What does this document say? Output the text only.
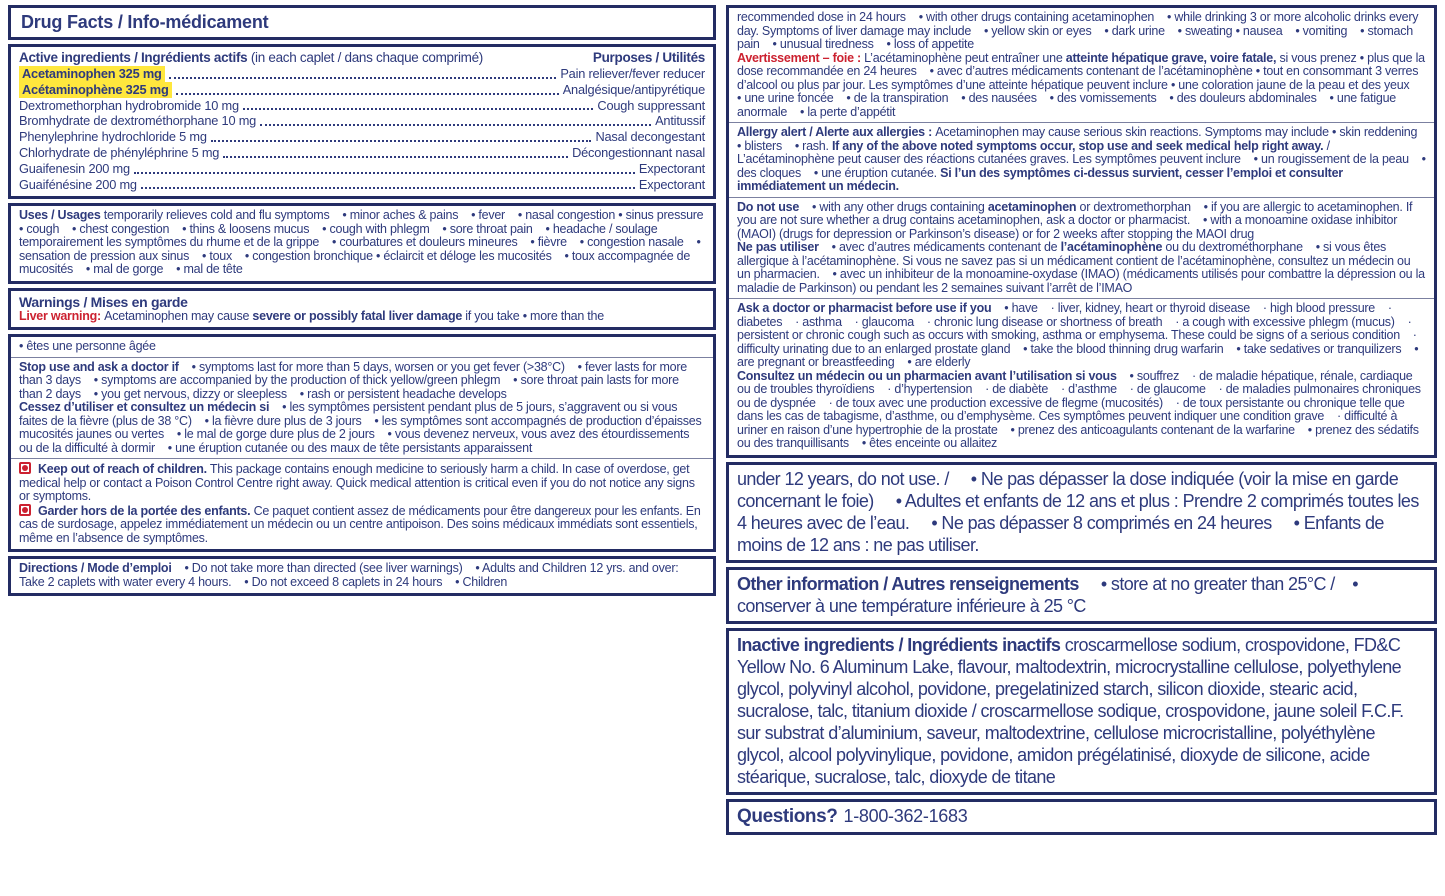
Drug Facts / Info-médicament
Active ingredients / Ingrédients actifs (in each caplet / dans chaque comprimé)	Purposes / Utilités
Acetaminophen 325 mg	Pain reliever/fever reducer
Acétaminophène 325 mg	Analgésique/antipyrétique
Dextromethorphan hydrobromide 10 mg	Cough suppressant
Bromhydrate de dextrométhorphane 10 mg	Antitussif
Phenylephrine hydrochloride 5 mg	Nasal decongestant
Chlorhydrate de phényléphrine 5 mg	Décongestionnant nasal
Guaifenesin 200 mg	Expectorant
Guaifénésine 200 mg	Expectorant

Uses / Usages temporarily relieves cold and flu symptoms    • minor aches & pains    • fever    • nasal congestion • sinus pressure    • cough    • chest congestion    • thins & loosens mucus    • cough with phlegm    • sore throat pain    • headache / soulage temporairement les symptômes du rhume et de la grippe    • courbatures et douleurs mineures    • fièvre    • congestion nasale    • sensation de pression aux sinus    • toux    • congestion bronchique • éclaircit et déloge les mucosités    • toux accompagnée de mucosités    • mal de gorge    • mal de tête

Warnings / Mises en garde

Liver warning: Acetaminophen may cause severe or possibly fatal liver damage if you take • more than the

• êtes une personne âgée

Stop use and ask a doctor if    • symptoms last for more than 5 days, worsen or you get fever (>38°C)    • fever lasts for more than 3 days    • symptoms are accompanied by the production of thick yellow/green phlegm    • sore throat pain lasts for more than 2 days    • you get nervous, dizzy or sleepless    • rash or persistent headache develops

Cessez d’utiliser et consultez un médecin si    • les symptômes persistent pendant plus de 5 jours, s’aggravent ou si vous faites de la fièvre (plus de 38 °C)    • la fièvre dure plus de 3 jours    • les symptômes sont accompagnés de production d’épaisses mucosités jaunes ou vertes    • le mal de gorge dure plus de 2 jours    • vous devenez nerveux, vous avez des étourdissements ou de la difficulté à dormir    • une éruption cutanée ou des maux de tête persistants apparaissent

Keep out of reach of children. This package contains enough medicine to seriously harm a child. In case of overdose, get medical help or contact a Poison Control Centre right away. Quick medical attention is critical even if you do not notice any signs or symptoms.

Garder hors de la portée des enfants. Ce paquet contient assez de médicaments pour être dangereux pour les enfants. En cas de surdosage, appelez immédiatement un médecin ou un centre antipoison. Des soins médicaux immédiats sont essentiels, même en l’absence de symptômes.

Directions / Mode d’emploi    • Do not take more than directed (see liver warnings)    • Adults and Children 12 yrs. and over: Take 2 caplets with water every 4 hours.    • Do not exceed 8 caplets in 24 hours    • Children

recommended dose in 24 hours    • with other drugs containing acetaminophen    • while drinking 3 or more alcoholic drinks every day. Symptoms of liver damage may include    • yellow skin or eyes    • dark urine    • sweating • nausea    • vomiting    • stomach pain    • unusual tiredness    • loss of appetite

Avertissement – foie : L’acétaminophène peut entraîner une atteinte hépatique grave, voire fatale, si vous prenez • plus que la dose recommandée en 24 heures    • avec d’autres médicaments contenant de l’acétaminophène • tout en consommant 3 verres d’alcool ou plus par jour. Les symptômes d’une atteinte hépatique peuvent inclure • une coloration jaune de la peau et des yeux    • une urine foncée    • de la transpiration    • des nausées    • des vomissements    • des douleurs abdominales    • une fatigue anormale    • la perte d’appétit

Allergy alert / Alerte aux allergies : Acetaminophen may cause serious skin reactions. Symptoms may include • skin reddening    • blisters    • rash. If any of the above noted symptoms occur, stop use and seek medical help right away. / L’acétaminophène peut causer des réactions cutanées graves. Les symptômes peuvent inclure    • un rougissement de la peau    • des cloques    • une éruption cutanée. Si l’un des symptômes ci-dessus survient, cesser l’emploi et consulter immédiatement un médecin.

Do not use    • with any other drugs containing acetaminophen or dextromethorphan    • if you are allergic to acetaminophen. If you are not sure whether a drug contains acetaminophen, ask a doctor or pharmacist.    • with a monoamine oxidase inhibitor (MAOI) (drugs for depression or Parkinson’s disease) or for 2 weeks after stopping the MAOI drug

Ne pas utiliser    • avec d’autres médicaments contenant de l’acétaminophène ou du dextrométhorphane    • si vous êtes allergique à l’acétaminophène. Si vous ne savez pas si un médicament contient de l’acétaminophène, consultez un médecin ou un pharmacien.    • avec un inhibiteur de la monoamine-oxydase (IMAO) (médicaments utilisés pour combattre la dépression ou la maladie de Parkinson) ou pendant les 2 semaines suivant l’arrêt de l’IMAO

Ask a doctor or pharmacist before use if you    • have    · liver, kidney, heart or thyroid disease    · high blood pressure    · diabetes    · asthma    · glaucoma    · chronic lung disease or shortness of breath    · a cough with excessive phlegm (mucus)    · persistent or chronic cough such as occurs with smoking, asthma or emphysema. These could be signs of a serious condition    · difficulty urinating due to an enlarged prostate gland    • take the blood thinning drug warfarin    • take sedatives or tranquilizers    • are pregnant or breastfeeding    • are elderly

Consultez un médecin ou un pharmacien avant l’utilisation si vous    • souffrez    · de maladie hépatique, rénale, cardiaque ou de troubles thyroïdiens    · d’hypertension    · de diabète    · d’asthme    · de glaucome    · de maladies pulmonaires chroniques ou de dyspnée    · de toux avec une production excessive de flegme (mucosités)    · de toux persistante ou chronique telle que dans les cas de tabagisme, d’asthme, ou d’emphysème. Ces symptômes peuvent indiquer une condition grave    · difficulté à uriner en raison d’une hypertrophie de la prostate    • prenez des anticoagulants contenant de la warfarine    • prenez des sédatifs ou des tranquillisants    • êtes enceinte ou allaitez

under 12 years, do not use. /     • Ne pas dépasser la dose indiquée (voir la mise en garde concernant le foie)     • Adultes et enfants de 12 ans et plus : Prendre 2 comprimés toutes les 4 heures avec de l’eau.     • Ne pas dépasser 8 comprimés en 24 heures     • Enfants de moins de 12 ans : ne pas utiliser.

Other information / Autres renseignements     • store at no greater than 25°C /    • conserver à une température inférieure à 25 °C

Inactive ingredients / Ingrédients inactifs croscarmellose sodium, crospovidone, FD&C Yellow No. 6 Aluminum Lake, flavour, maltodextrin, microcrystalline cellulose, polyethylene glycol, polyvinyl alcohol, povidone, pregelatinized starch, silicon dioxide, stearic acid, sucralose, talc, titanium dioxide / croscarmellose sodique, crospovidone, jaune soleil F.C.F. sur substrat d’aluminium, saveur, maltodextrine, cellulose microcristalline, polyéthylène glycol, alcool polyvinylique, povidone, amidon prégélatinisé, dioxyde de silicone, acide stéarique, sucralose, talc, dioxyde de titane

Questions? 1-800-362-1683
